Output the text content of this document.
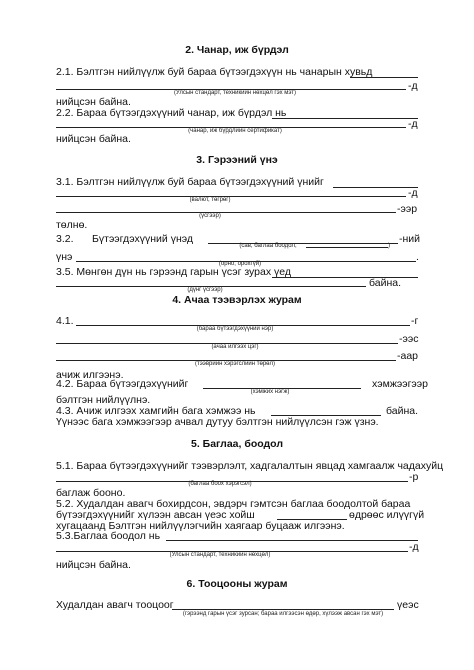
2. Чанар, иж бүрдэл
2.1. Бэлтгэн нийлүүлж буй бараа бүтээгдэхүүн нь чанарын хувьд
-д
(Улсын стандарт, техникийн нөхцөл гэх мэт)
нийцсэн байна.
2.2. Бараа бүтээгдэхүүний чанар, иж бүрдэл нь
-д
(чанар, иж бүрдлийн сертификат)
нийцсэн байна.
3. Гэрээний үнэ
3.1. Бэлтгэн нийлүүлж буй бараа бүтээгдэхүүний үнийг
-д
(валют, төгрөг)
-ээр
(үсгээр)
төлнө.
3.2. Бүтээгдэхүүний үнэд	-ний
(сав, баглаа боодол,	)
үнэ	.
(орно; орохгүй)
3.5. Мөнгөн дүн нь гэрээнд гарын үсэг зурах үед
байна.
(дүнг үсгээр)
4. Ачаа тээвэрлэх журам
4.1.	-г
(бараа бүтээгдэхүүний нэр)
-ээс
(ачаа илгээх цэг)
-аар
(тээврийн хэрэгслийн төрөл)
ачиж илгээнэ.
4.2. Бараа бүтээгдэхүүнийг	хэмжээгээр
(хэмжих нэгж)
бэлтгэн нийлүүлнэ.
4.3. Ачиж илгээх хамгийн бага хэмжээ нь	байна.
Үүнээс бага хэмжээгээр ачвал дутуу бэлтгэн нийлүүлсэн гэж үзнэ.
5. Баглаа, боодол
5.1. Бараа бүтээгдэхүүнийг тээвэрлэлт, хадгалалтын явцад хамгаалж чадахуйц
-р
(баглаа боох хэрэгсэл)
баглаж бооно.
5.2. Худалдан авагч бохирдсон, эвдэрч гэмтсэн баглаа боодолтой бараа
бүтээгдэхүүнийг хүлээн авсан үеэс хойш	өдрөөс илүүгүй
хугацаанд Бэлтгэн нийлүүлэгчийн хаягаар буцааж илгээнэ.
5.3.Баглаа боодол нь
-д
(Улсын стандарт, техникийн нөхцөл)
нийцсэн байна.
6. Тооцооны журам
Худалдан авагч тооцоог	үеэс
(гэрээнд гарын үсэг зурсан; бараа илгээсэн өдөр, хүлээж авсан гэх мэт)
